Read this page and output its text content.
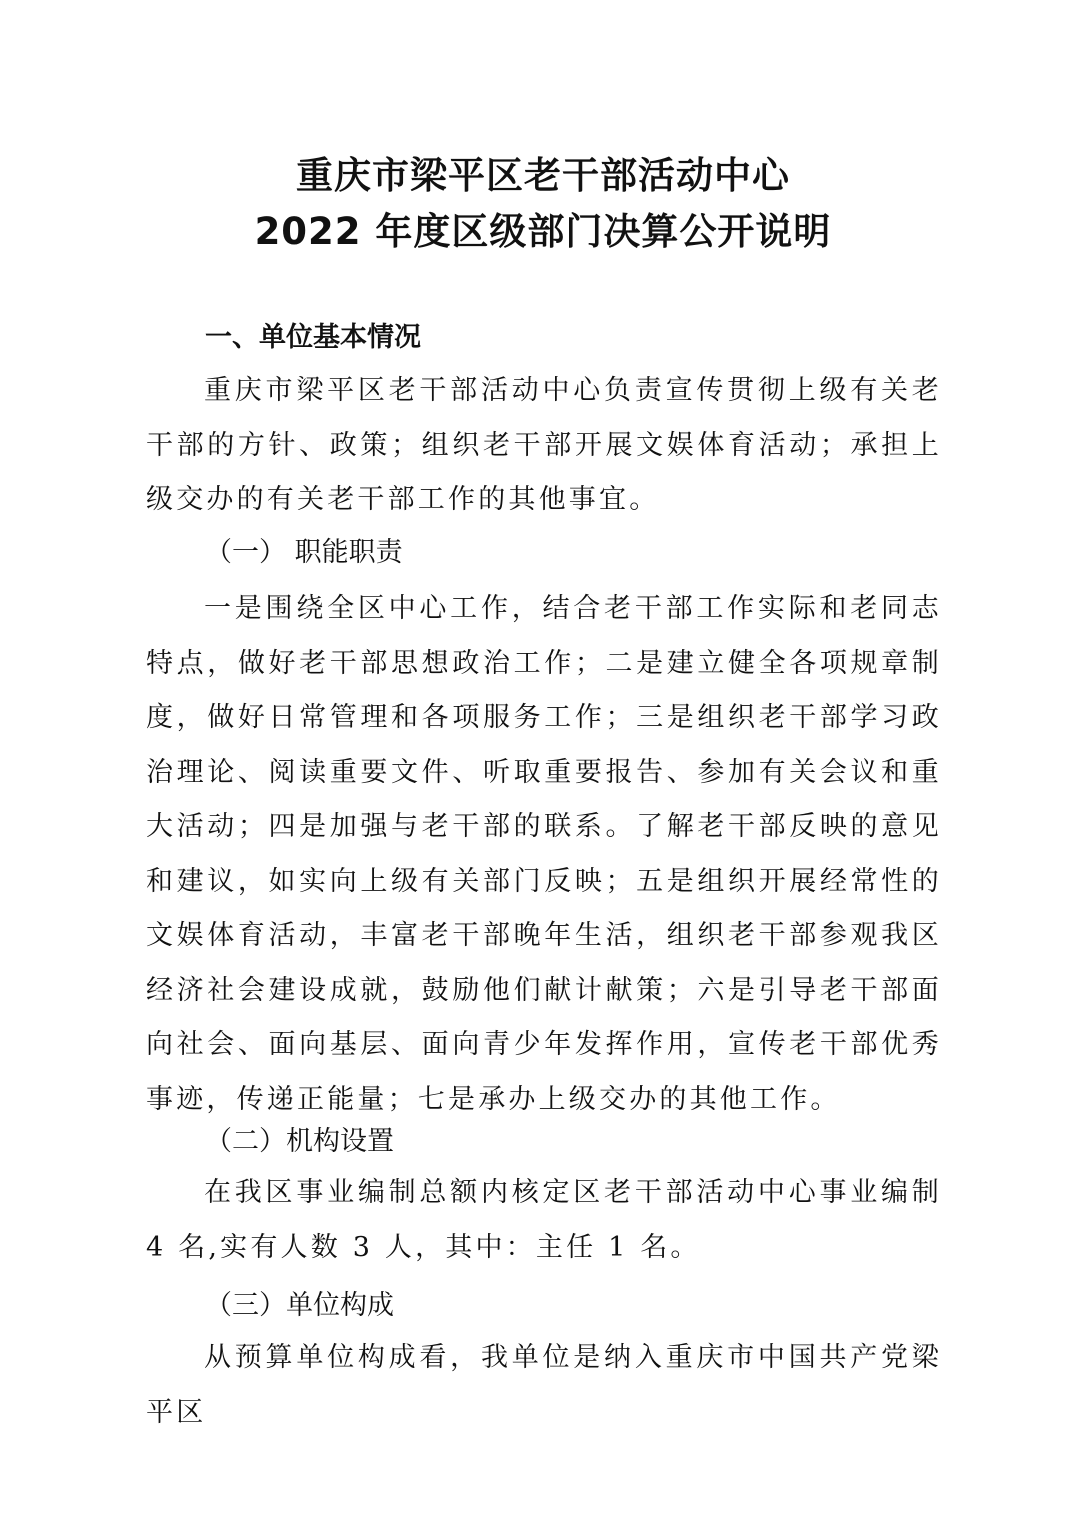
重庆市梁平区老干部活动中心
2022 年度区级部门决算公开说明
一、单位基本情况
重庆市梁平区老干部活动中心负责宣传贯彻上级有关老干部的方针、政策；组织老干部开展文娱体育活动；承担上级交办的有关老干部工作的其他事宜。
（一） 职能职责
一是围绕全区中心工作，结合老干部工作实际和老同志特点，做好老干部思想政治工作；二是建立健全各项规章制度，做好日常管理和各项服务工作；三是组织老干部学习政治理论、阅读重要文件、听取重要报告、参加有关会议和重大活动；四是加强与老干部的联系。了解老干部反映的意见和建议，如实向上级有关部门反映；五是组织开展经常性的文娱体育活动，丰富老干部晚年生活，组织老干部参观我区经济社会建设成就，鼓励他们献计献策；六是引导老干部面向社会、面向基层、面向青少年发挥作用，宣传老干部优秀事迹，传递正能量；七是承办上级交办的其他工作。
（二）机构设置
在我区事业编制总额内核定区老干部活动中心事业编制 4 名,实有人数 3 人，其中：主任 1 名。
（三）单位构成
从预算单位构成看，我单位是纳入重庆市中国共产党梁平区
